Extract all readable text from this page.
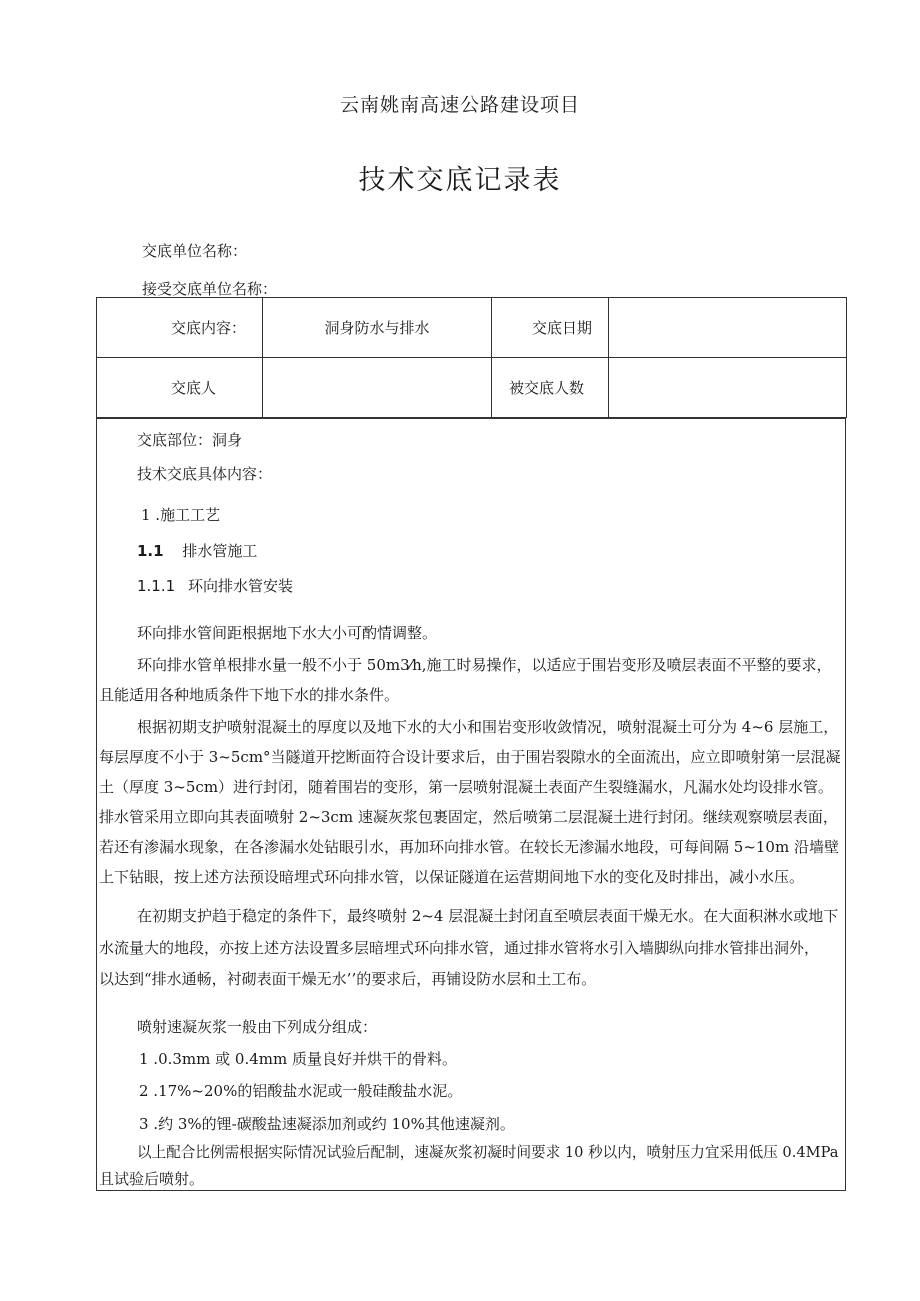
云南姚南高速公路建设项目
技术交底记录表
交底单位名称：
接受交底单位名称：
交底内容：	洞身防水与排水	交底日期	
交底人		被交底人数	
交底部位：洞身
技术交底具体内容：
1 .施工工艺
1.1 排水管施工
1.1.1 环向排水管安装
环向排水管间距根据地下水大小可酌情调整。
环向排水管单根排水量一般不小于 50m3⁄h,施工时易操作，以适应于围岩变形及喷层表面不平整的要求，
且能适用各种地质条件下地下水的排水条件。
根据初期支护喷射混凝土的厚度以及地下水的大小和围岩变形收敛情况，喷射混凝土可分为 4~6 层施工，
每层厚度不小于 3~5cm°当隧道开挖断面符合设计要求后，由于围岩裂隙水的全面流出，应立即喷射第一层混凝
土（厚度 3~5cm）进行封闭，随着围岩的变形，第一层喷射混凝土表面产生裂缝漏水，凡漏水处均设排水管。
排水管采用立即向其表面喷射 2~3cm 速凝灰浆包裹固定，然后喷第二层混凝土进行封闭。继续观察喷层表面，
若还有渗漏水现象，在各渗漏水处钻眼引水，再加环向排水管。在较长无渗漏水地段，可每间隔 5~10m 沿墙壁
上下钻眼，按上述方法预设暗埋式环向排水管，以保证隧道在运营期间地下水的变化及时排出，减小水压。
在初期支护趋于稳定的条件下，最终喷射 2~4 层混凝土封闭直至喷层表面干燥无水。在大面积淋水或地下
水流量大的地段，亦按上述方法设置多层暗埋式环向排水管，通过排水管将水引入墙脚纵向排水管排出洞外，
以达到“排水通畅，衬砌表面干燥无水’’的要求后，再铺设防水层和土工布。
喷射速凝灰浆一般由下列成分组成：
1 .0.3mm 或 0.4mm 质量良好并烘干的骨料。
2 .17%~20%的铝酸盐水泥或一般硅酸盐水泥。
3 .约 3%的锂-碳酸盐速凝添加剂或约 10%其他速凝剂。
以上配合比例需根据实际情况试验后配制，速凝灰浆初凝时间要求 10 秒以内，喷射压力宜采用低压 0.4MPa
且试验后喷射。
